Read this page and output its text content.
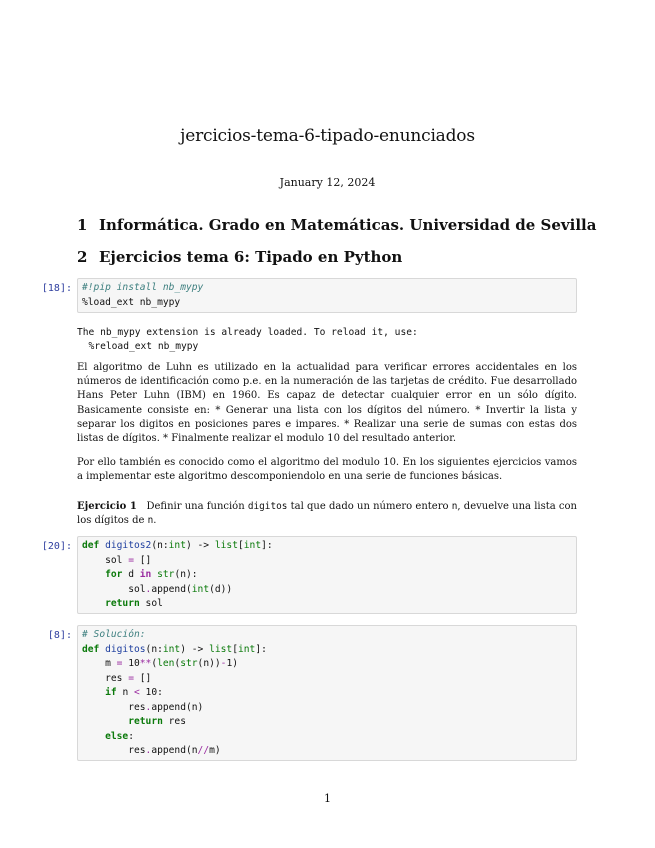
jercicios-tema-6-tipado-enunciados
January 12, 2024
1 Informática. Grado en Matemáticas. Universidad de Sevilla
2 Ejercicios tema 6: Tipado en Python
[18]: #!pip install nb_mypy
%load_ext nb_mypy
The nb_mypy extension is already loaded. To reload it, use:
%reload_ext nb_mypy
El algoritmo de Luhn es utilizado en la actualidad para verificar errores accidentales en los números de identificación como p.e. en la numeración de las tarjetas de crédito. Fue desarrollado Hans Peter Luhn (IBM) en 1960. Es capaz de detectar cualquier error en un sólo dígito. Basicamente consiste en: * Generar una lista con los dígitos del número. * Invertir la lista y separar los digitos en posiciones pares e impares. * Realizar una serie de sumas con estas dos listas de dígitos. * Finalmente realizar el modulo 10 del resultado anterior.
Por ello también es conocido como el algoritmo del modulo 10. En los siguientes ejercicios vamos a implementar este algoritmo descomponiendolo en una serie de funciones básicas.
Ejercicio 1 Definir una función digitos tal que dado un número entero n, devuelve una lista con los dígitos de n.
[20]: def digitos2(n:int) -> list[int]:
sol = []
for d in str(n):
sol.append(int(d))
return sol
[8]: # Solución:
def digitos(n:int) -> list[int]:
m = 10**(len(str(n))-1)
res = []
if n < 10:
res.append(n)
return res
else:
res.append(n//m)
1
